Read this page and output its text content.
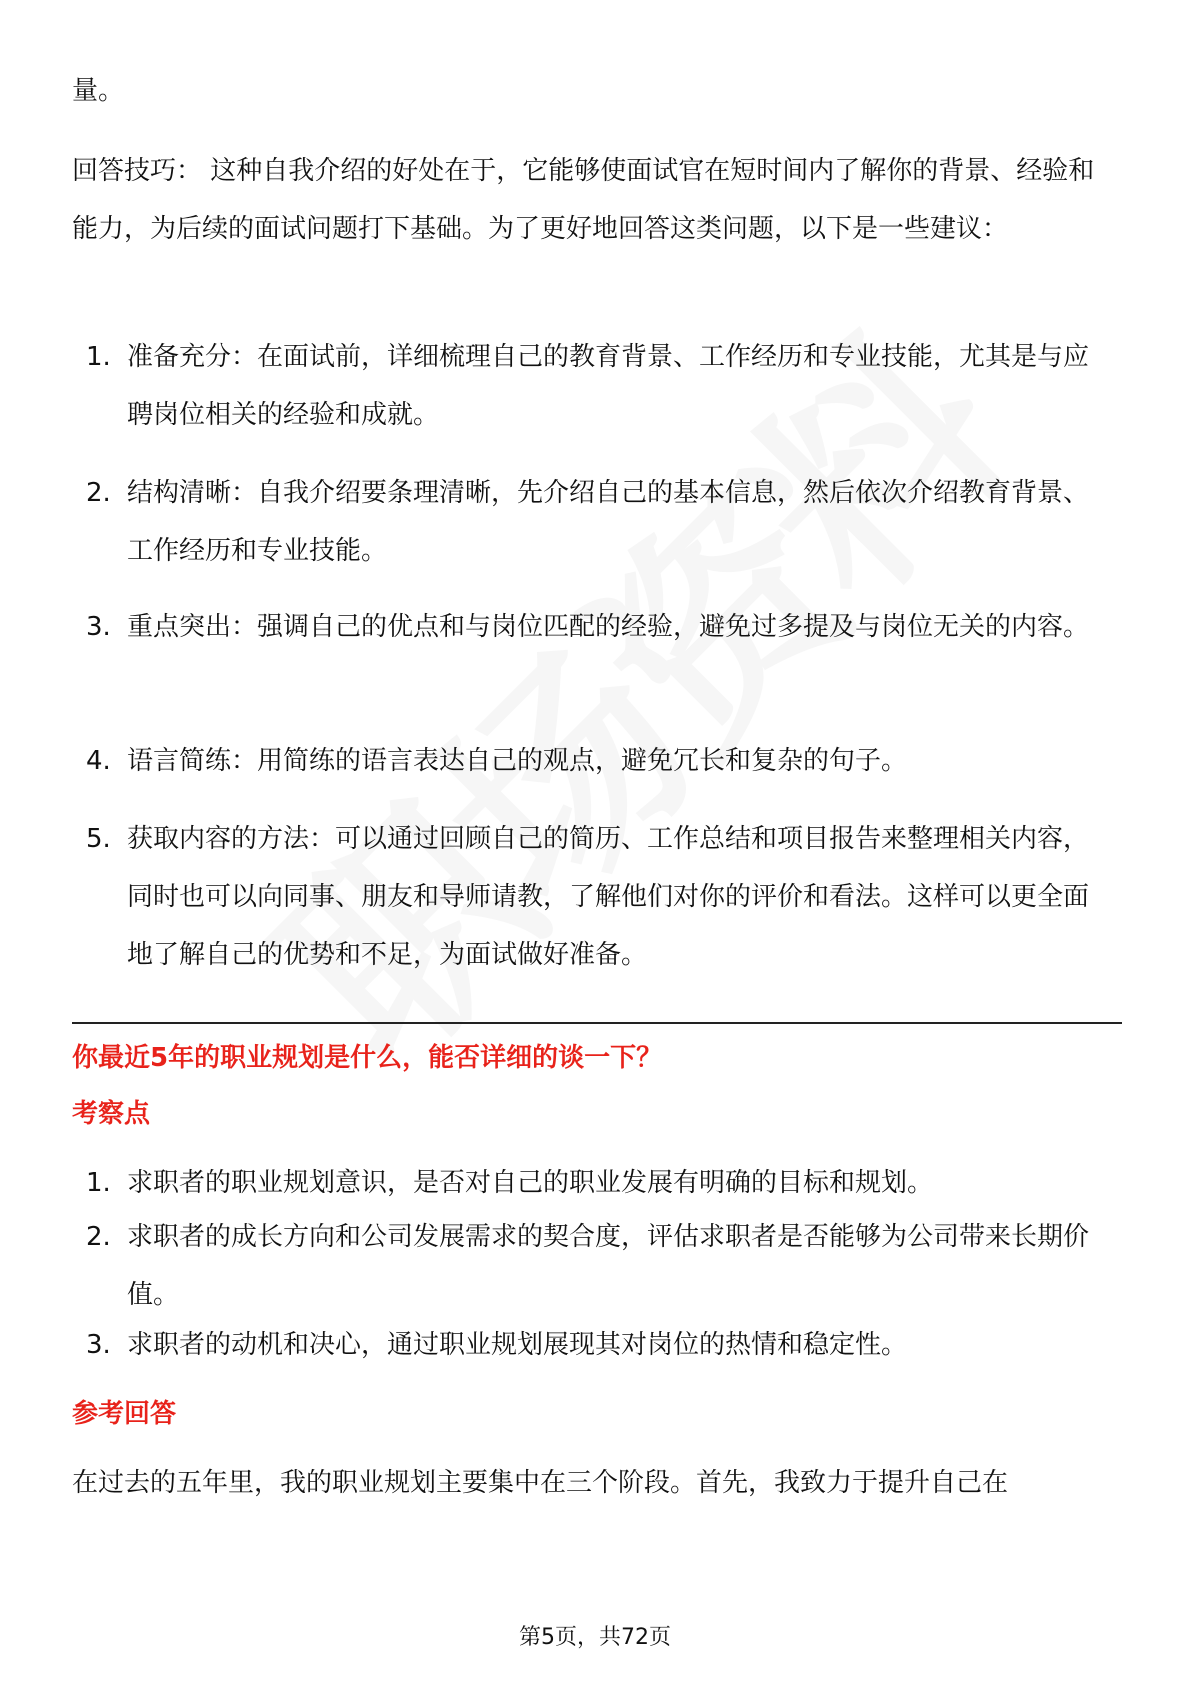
量。
回答技巧： 这种自我介绍的好处在于，它能够使面试官在短时间内了解你的背景、经验和能力，为后续的面试问题打下基础。为了更好地回答这类问题，以下是一些建议：
1. 准备充分：在面试前，详细梳理自己的教育背景、工作经历和专业技能，尤其是与应聘岗位相关的经验和成就。
2. 结构清晰：自我介绍要条理清晰，先介绍自己的基本信息，然后依次介绍教育背景、工作经历和专业技能。
3. 重点突出：强调自己的优点和与岗位匹配的经验，避免过多提及与岗位无关的内容。
4. 语言简练：用简练的语言表达自己的观点，避免冗长和复杂的句子。
5. 获取内容的方法：可以通过回顾自己的简历、工作总结和项目报告来整理相关内容，同时也可以向同事、朋友和导师请教，了解他们对你的评价和看法。这样可以更全面地了解自己的优势和不足，为面试做好准备。
你最近5年的职业规划是什么，能否详细的谈一下？
考察点
1. 求职者的职业规划意识，是否对自己的职业发展有明确的目标和规划。
2. 求职者的成长方向和公司发展需求的契合度，评估求职者是否能够为公司带来长期价值。
3. 求职者的动机和决心，通过职业规划展现其对岗位的热情和稳定性。
参考回答
在过去的五年里，我的职业规划主要集中在三个阶段。首先，我致力于提升自己在
第5页，共72页
